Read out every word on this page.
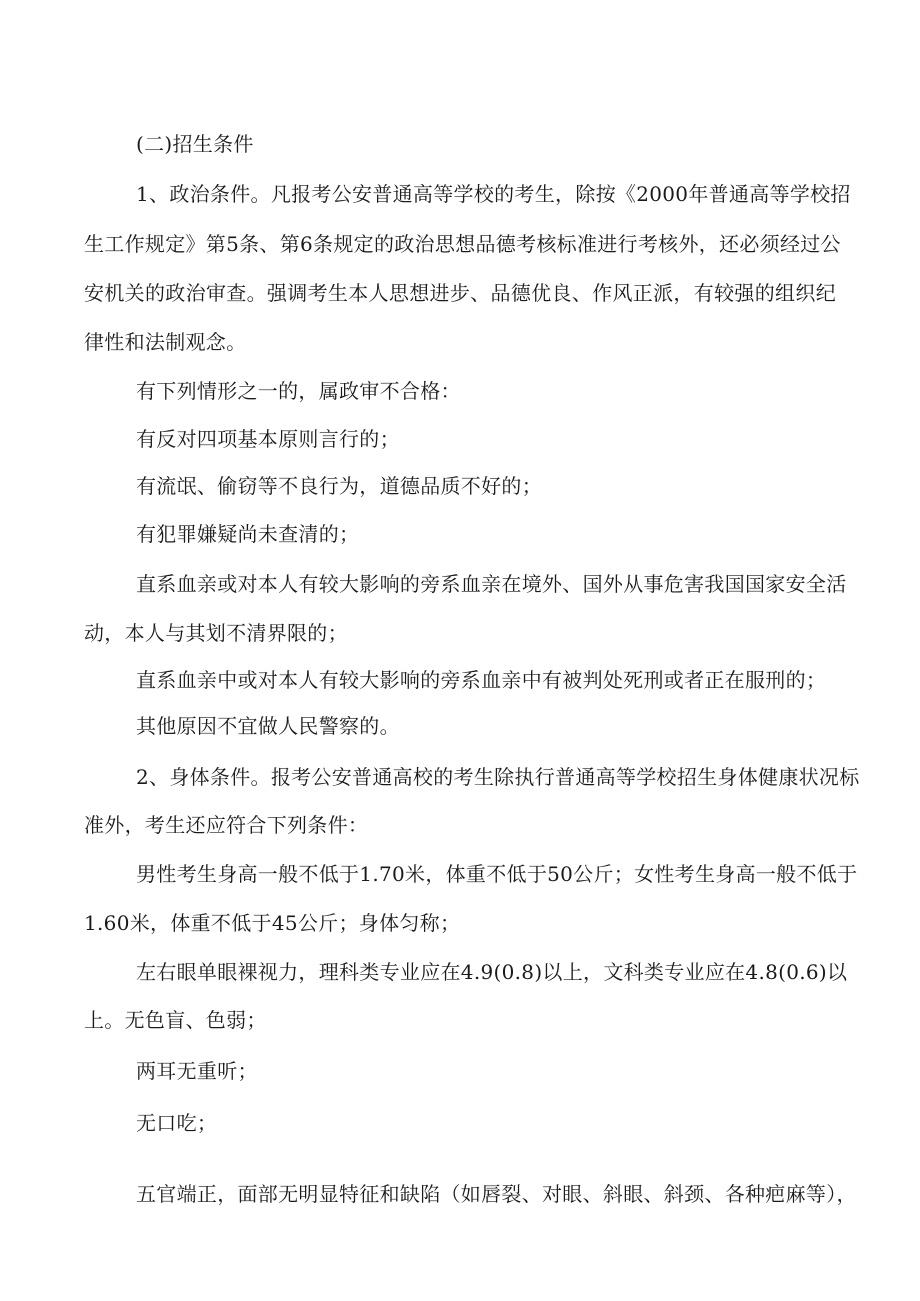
(二)招生条件
1、政治条件。凡报考公安普通高等学校的考生，除按《2000年普通高等学校招
生工作规定》第5条、第6条规定的政治思想品德考核标准进行考核外，还必须经过公
安机关的政治审查。强调考生本人思想进步、品德优良、作风正派，有较强的组织纪
律性和法制观念。
有下列情形之一的，属政审不合格：
有反对四项基本原则言行的；
有流氓、偷窃等不良行为，道德品质不好的；
有犯罪嫌疑尚未查清的；
直系血亲或对本人有较大影响的旁系血亲在境外、国外从事危害我国国家安全活
动，本人与其划不清界限的；
直系血亲中或对本人有较大影响的旁系血亲中有被判处死刑或者正在服刑的；
其他原因不宜做人民警察的。
2、身体条件。报考公安普通高校的考生除执行普通高等学校招生身体健康状况标
准外，考生还应符合下列条件：
男性考生身高一般不低于1.70米，体重不低于50公斤；女性考生身高一般不低于
1.60米，体重不低于45公斤；身体匀称；
左右眼单眼裸视力，理科类专业应在4.9(0.8)以上，文科类专业应在4.8(0.6)以
上。无色盲、色弱；
两耳无重听；
无口吃；
五官端正，面部无明显特征和缺陷（如唇裂、对眼、斜眼、斜颈、各种疤麻等），
